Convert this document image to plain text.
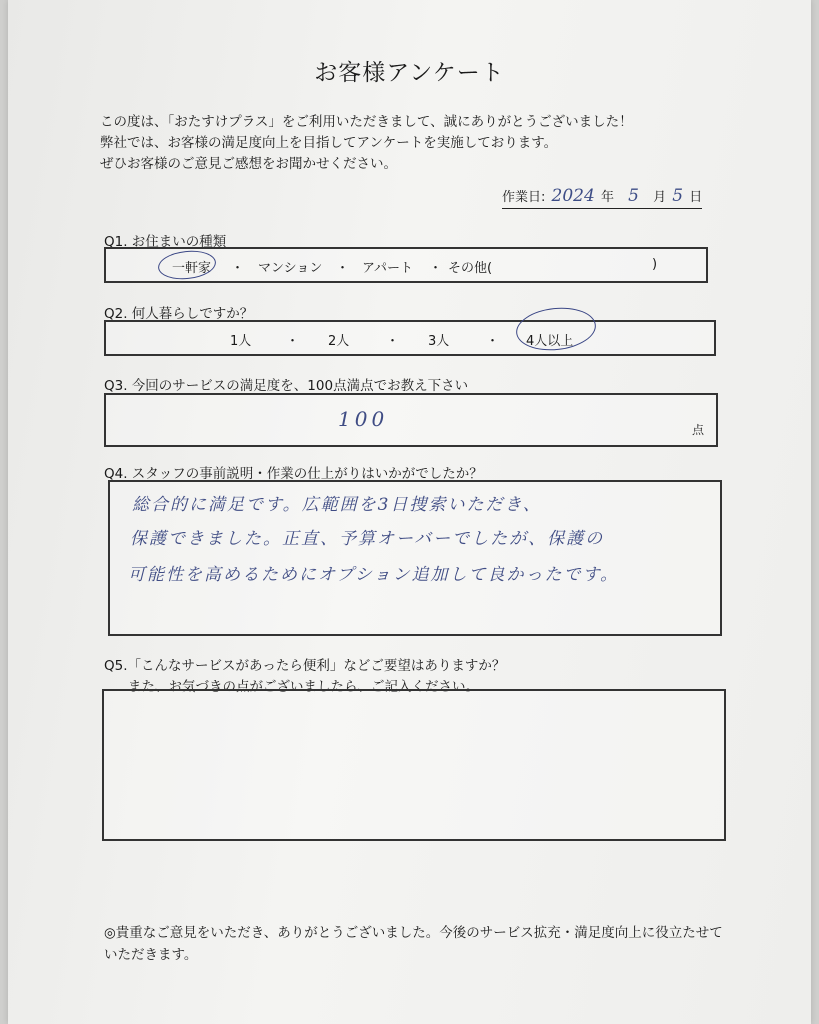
お客様アンケート
この度は、「おたすけプラス」をご利用いただきまして、誠にありがとうございました！
弊社では、お客様の満足度向上を目指してアンケートを実施しております。
ぜひお客様のご意見ご感想をお聞かせください。
作業日: 2024 年 5 月 5 日
Q1. お住まいの種類
一軒家 ・ マンション ・ アパート ・ その他(	)
Q2. 何人暮らしですか？
1人	・ 2人	・ 3人	・ 4人以上
Q3. 今回のサービスの満足度を、100点満点でお教え下さい
100	点
Q4. スタッフの事前説明・作業の仕上がりはいかがでしたか？
総合的に満足です。広範囲を3日捜索いただき、
保護できました。正直、予算オーバーでしたが、保護の
可能性を高めるためにオプション追加して良かったです。
Q5.「こんなサービスがあったら便利」などご要望はありますか？
また、お気づきの点がございましたら、ご記入ください。
◎貴重なご意見をいただき、ありがとうございました。今後のサービス拡充・満足度向上に役立たせていただきます。
